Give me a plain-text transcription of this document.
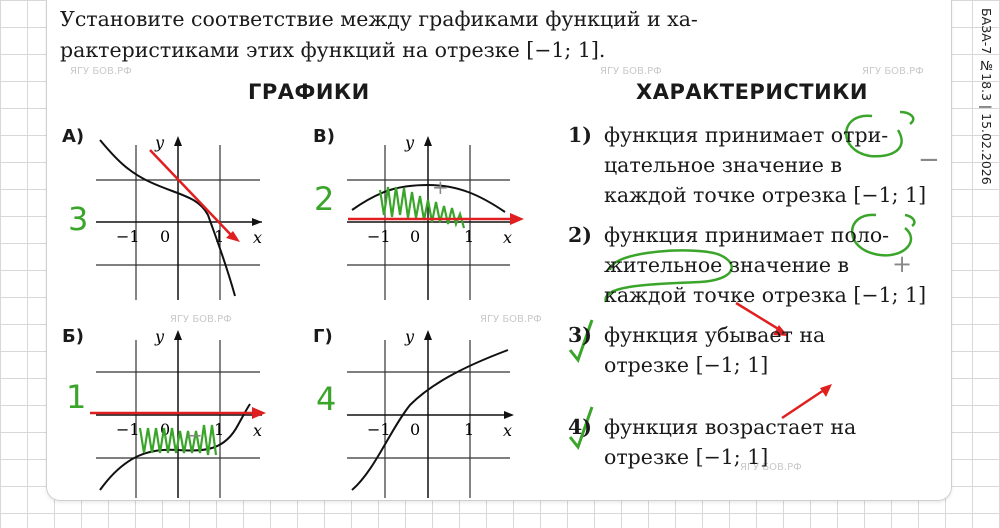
Установите соответствие между графиками функций и ха-
рактеристиками этих функций на отрезке [−1; 1].	БАЗА-7 №18.3 | 15.02.2026
ЯГУ БОВ.РФ	ЯГУ БОВ.РФ	ЯГУ БОВ.РФ
ЯГУ БОВ.РФ	ЯГУ БОВ.РФ
ЯГУ БОВ.РФ
ГРАФИКИ	ХАРАКТЕРИСТИКИ
А)	В)
Б)	Г)
y
x
−1 0	1
3
y
x
−1 0	1
+
2
y
x
−1 0	1
−
1
y
x
−1 0	1
4
−
+
1) функция принимает отри-
цательное значение в
каждой точке отрезка [−1; 1]
2) функция принимает поло-
жительное значение в
каждой точке отрезка [−1; 1]
3) функция убывает на
отрезке [−1; 1]
4) функция возрастает на
отрезке [−1; 1]
